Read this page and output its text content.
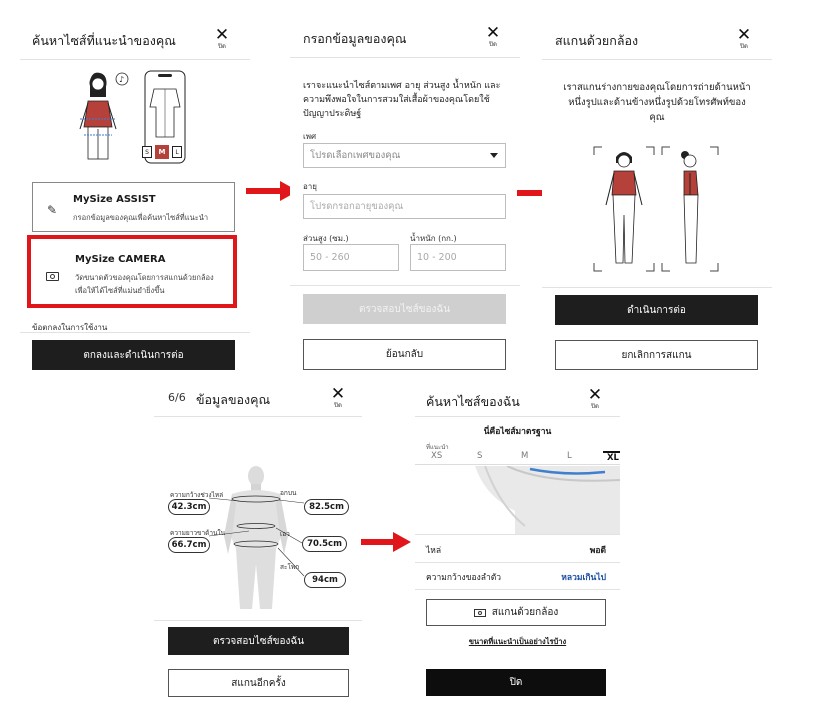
ค้นหาไซส์ที่แนะนำของคุณ ✕
ปิด
♪
S	M	L
✎
MySize ASSIST
กรอกข้อมูลของคุณเพื่อค้นหาไซส์ที่แนะนำ
MySize CAMERA
วัดขนาดตัวของคุณโดยการสแกนด้วยกล้อง
เพื่อให้ได้ไซส์ที่แม่นยำยิ่งขึ้น
ข้อตกลงในการใช้งาน
ตกลงและดำเนินการต่อ
กรอกข้อมูลของคุณ	✕
ปิด
เราจะแนะนำไซส์ตามเพศ อายุ ส่วนสูง น้ำหนัก และ
ความพึงพอใจในการสวมใส่เสื้อผ้าของคุณโดยใช้
ปัญญาประดิษฐ์
เพศ
โปรดเลือกเพศของคุณ
อายุ
โปรดกรอกอายุของคุณ
ส่วนสูง (ซม.)	น้ำหนัก (กก.)
50 - 260	10 - 200
ตรวจสอบไซส์ของฉัน
ย้อนกลับ
สแกนด้วยกล้อง	✕
ปิด
เราสแกนร่างกายของคุณโดยการถ่ายด้านหน้า
หนึ่งรูปและด้านข้างหนึ่งรูปด้วยโทรศัพท์ของ
คุณ
ดำเนินการต่อ
ยกเลิกการสแกน
6/6 ข้อมูลของคุณ	✕
ปิด
ความกว้างช่วงไหล่
42.3cm
อกบน
82.5cm
ความยาวขาด้านใน
66.7cm
เอว
70.5cm
สะโพก
94cm
ตรวจสอบไซส์ของฉัน
สแกนอีกครั้ง
ค้นหาไซส์ของฉัน	✕
ปิด
นี่คือไซส์มาตรฐาน
ที่แนะนำ
XS	S	M	L	XL
ไหล่	พอดี
ความกว้างของลำตัว	หลวมเกินไป
สแกนด้วยกล้อง
ขนาดที่แนะนำเป็นอย่างไรบ้าง
ปิด
